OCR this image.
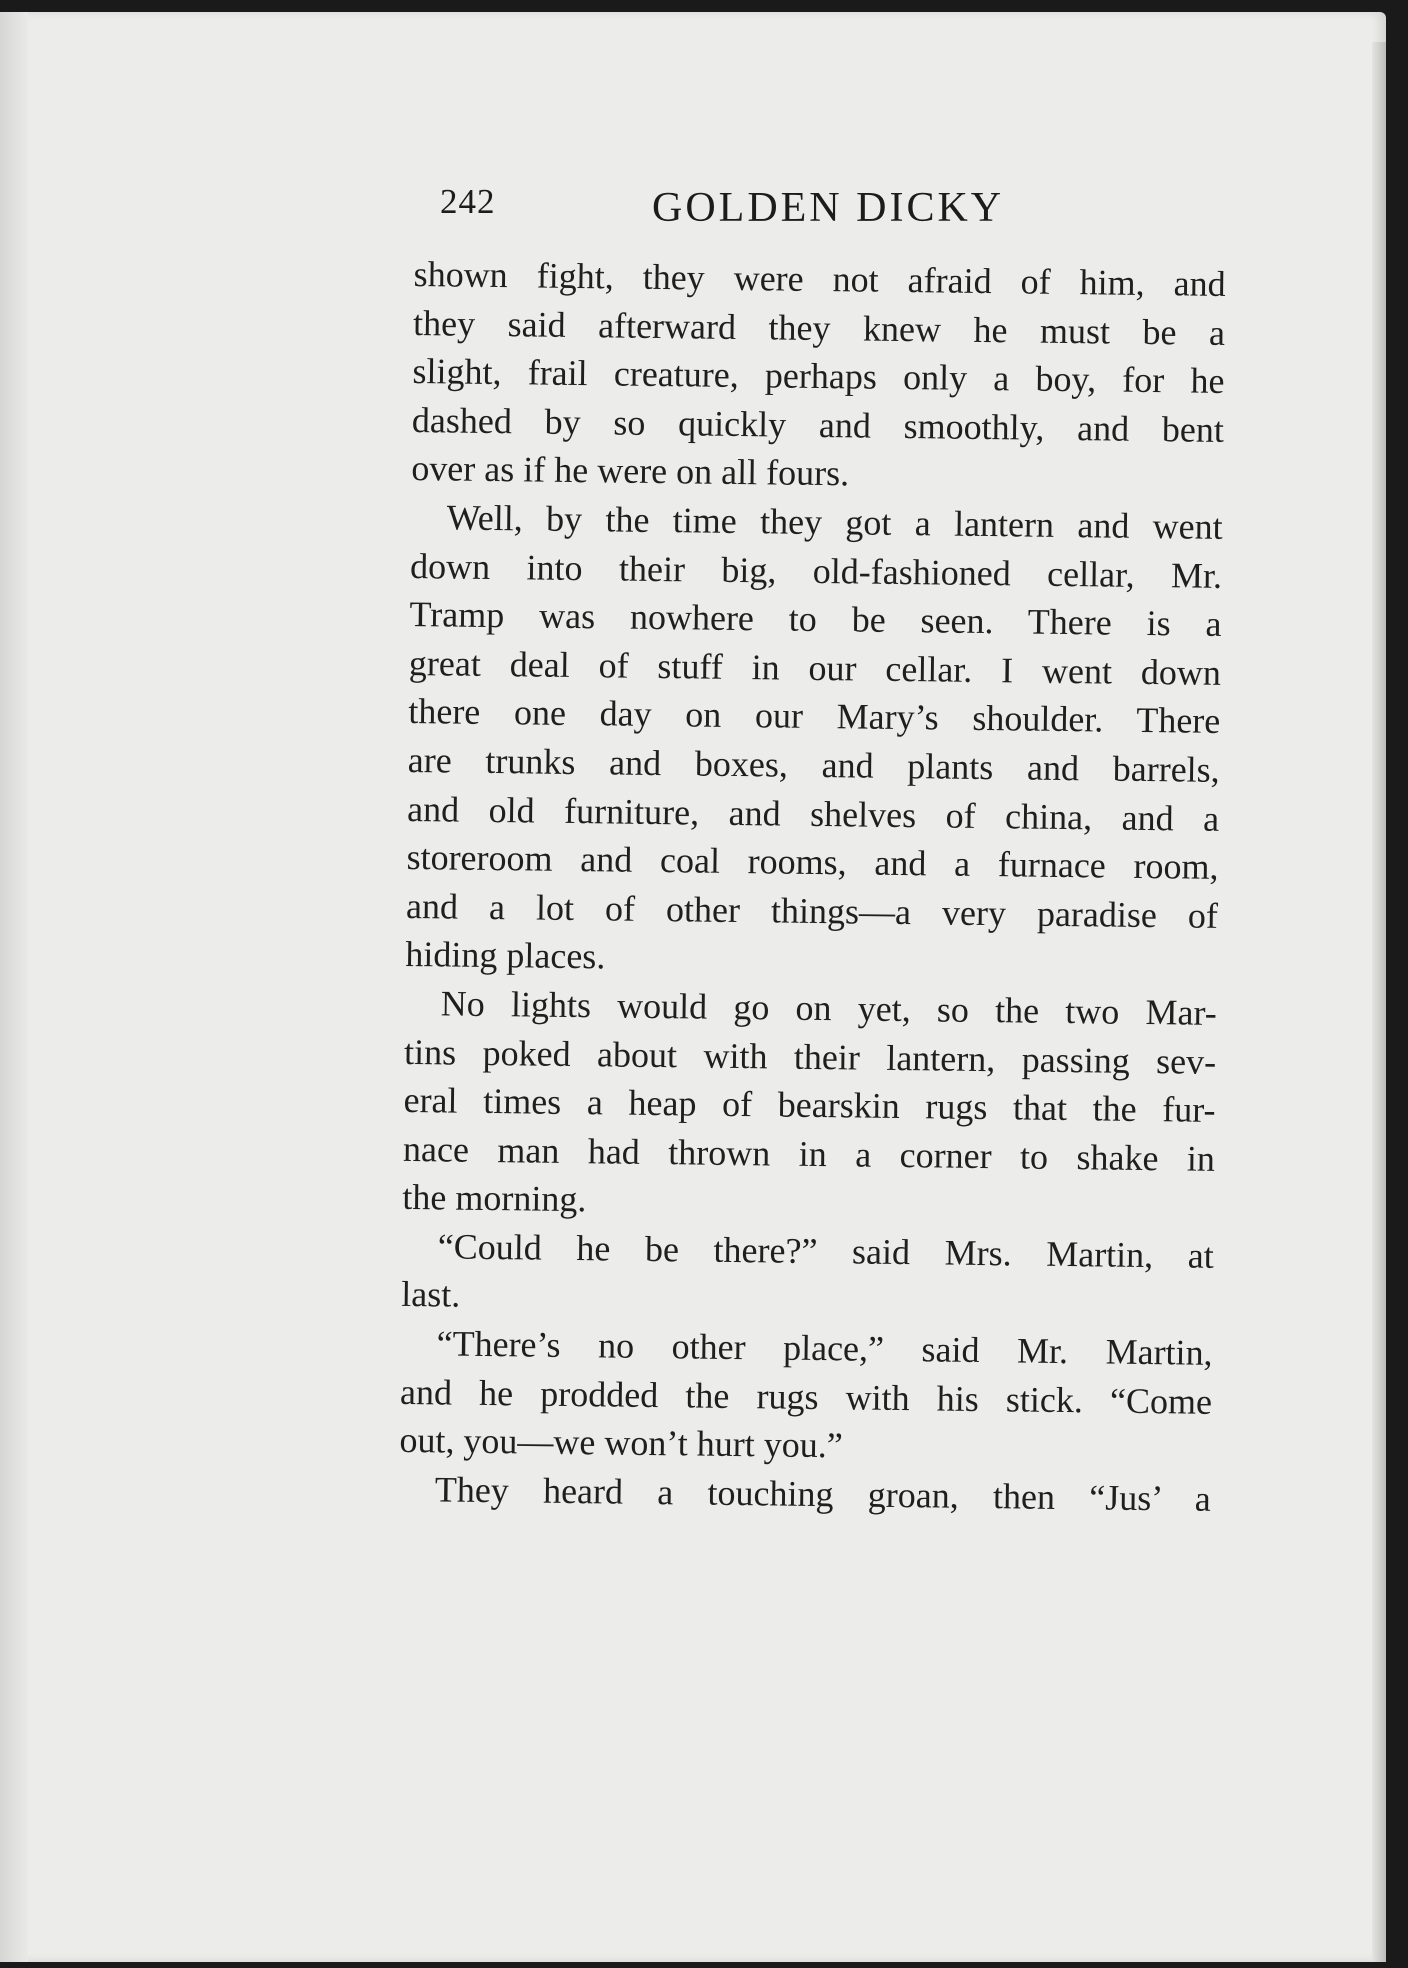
242	GOLDEN DICKY
shown fight, they were not afraid of him, and
they said afterward they knew he must be a
slight, frail creature, perhaps only a boy, for he
dashed by so quickly and smoothly, and bent
over as if he were on all fours.
Well, by the time they got a lantern and went
down into their big, old-fashioned cellar, Mr.
Tramp was nowhere to be seen. There is a
great deal of stuff in our cellar. I went down
there one day on our Mary’s shoulder. There
are trunks and boxes, and plants and barrels,
and old furniture, and shelves of china, and a
storeroom and coal rooms, and a furnace room,
and a lot of other things—a very paradise of
hiding places.
No lights would go on yet, so the two Mar-
tins poked about with their lantern, passing sev-
eral times a heap of bearskin rugs that the fur-
nace man had thrown in a corner to shake in
the morning.
“Could he be there?” said Mrs. Martin, at
last.
“There’s no other place,” said Mr. Martin,
and he prodded the rugs with his stick. “Come
out, you—we won’t hurt you.”
They heard a touching groan, then “Jus’ a
